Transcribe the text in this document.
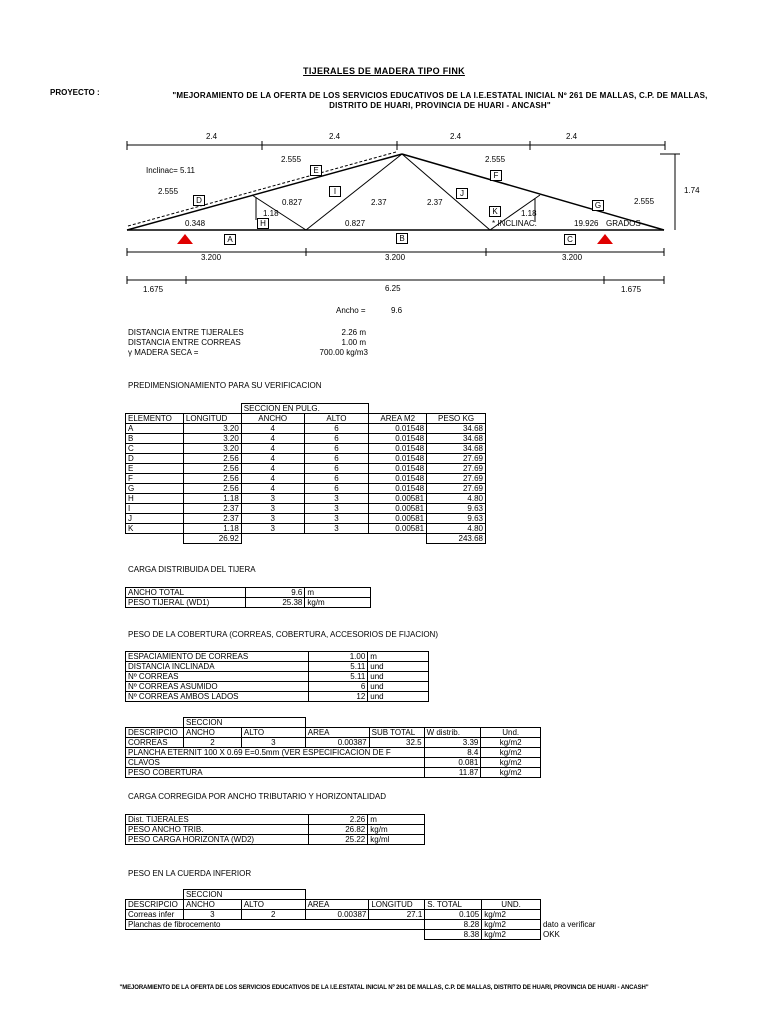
TIJERALES DE MADERA TIPO FINK
PROYECTO :	"MEJORAMIENTO DE LA OFERTA DE LOS SERVICIOS EDUCATIVOS DE LA I.E.ESTATAL INICIAL Nº 261 DE MALLAS, C.P. DE MALLAS,
DISTRITO DE HUARI, PROVINCIA DE HUARI - ANCASH"
2.4	2.4	2.4	2.4
1.74
Inclinac= 5.11
2.555	2.555
2.555
2.555
0.827	2.37	2.37
1.18	1.18
0.348	0.827	* INCLINAC.	19.926 GRADOS
A	B	C
D
E
F
G
H
I	J
K
3.200	3.200	3.200
1.675	6.25	1.675
Ancho =	9.6
DISTANCIA ENTRE TIJERALES	2.26 m
DISTANCIA ENTRE CORREAS	1.00 m
γ MADERA SECA =	700.00 kg/m3
PREDIMENSIONAMIENTO PARA SU VERIFICACION
		SECCION EN PULG.			
ELEMENTO	LONGITUD	ANCHO	ALTO	AREA M2	PESO KG
A	3.20	4	6	0.01548	34.68
B	3.20	4	6	0.01548	34.68
C	3.20	4	6	0.01548	34.68
D	2.56	4	6	0.01548	27.69
E	2.56	4	6	0.01548	27.69
F	2.56	4	6	0.01548	27.69
G	2.56	4	6	0.01548	27.69
H	1.18	3	3	0.00581	4.80
I	2.37	3	3	0.00581	9.63
J	2.37	3	3	0.00581	9.63
K	1.18	3	3	0.00581	4.80
	26.92				243.68
CARGA DISTRIBUIDA DEL TIJERA
ANCHO TOTAL	9.6	m
PESO TIJERAL (WD1)	25.38	kg/m
PESO DE LA COBERTURA (CORREAS, COBERTURA, ACCESORIOS DE FIJACION)
ESPACIAMIENTO DE CORREAS	1.00	m
DISTANCIA INCLINADA	5.11	und
Nº CORREAS	5.11	und
Nº CORREAS ASUMIDO	6	und
Nº CORREAS AMBOS LADOS	12	und
	SECCION					
DESCRIPCIO	ANCHO	ALTO	AREA	SUB TOTAL	W distrib.	Und.
CORREAS	2	3	0.00387	32.5	3.39	kg/m2
PLANCHA ETERNIT 100 X 0.69 E=0.5mm (VER ESPECIFICACION DE F					8.4	kg/m2
CLAVOS					0.081	kg/m2
PESO COBERTURA					11.87	kg/m2
CARGA CORREGIDA POR ANCHO TRIBUTARIO Y HORIZONTALIDAD
Dist. TIJERALES	2.26	m
PESO ANCHO TRIB.	26.82	kg/m
PESO CARGA HORIZONTA (WD2)	25.22	kg/ml
PESO EN LA CUERDA INFERIOR
	SECCION						
DESCRIPCIO	ANCHO	ALTO	AREA	LONGITUD	S. TOTAL	UND.	
Correas infer	3	2	0.00387	27.1	0.105	kg/m2	
Planchas de fibrocemento					8.28	kg/m2	dato a verificar
					8.38	kg/m2	OKK
"MEJORAMIENTO DE LA OFERTA DE LOS SERVICIOS EDUCATIVOS DE LA I.E.ESTATAL INICIAL Nº 261 DE MALLAS, C.P. DE MALLAS, DISTRITO DE HUARI, PROVINCIA DE HUARI - ANCASH"
